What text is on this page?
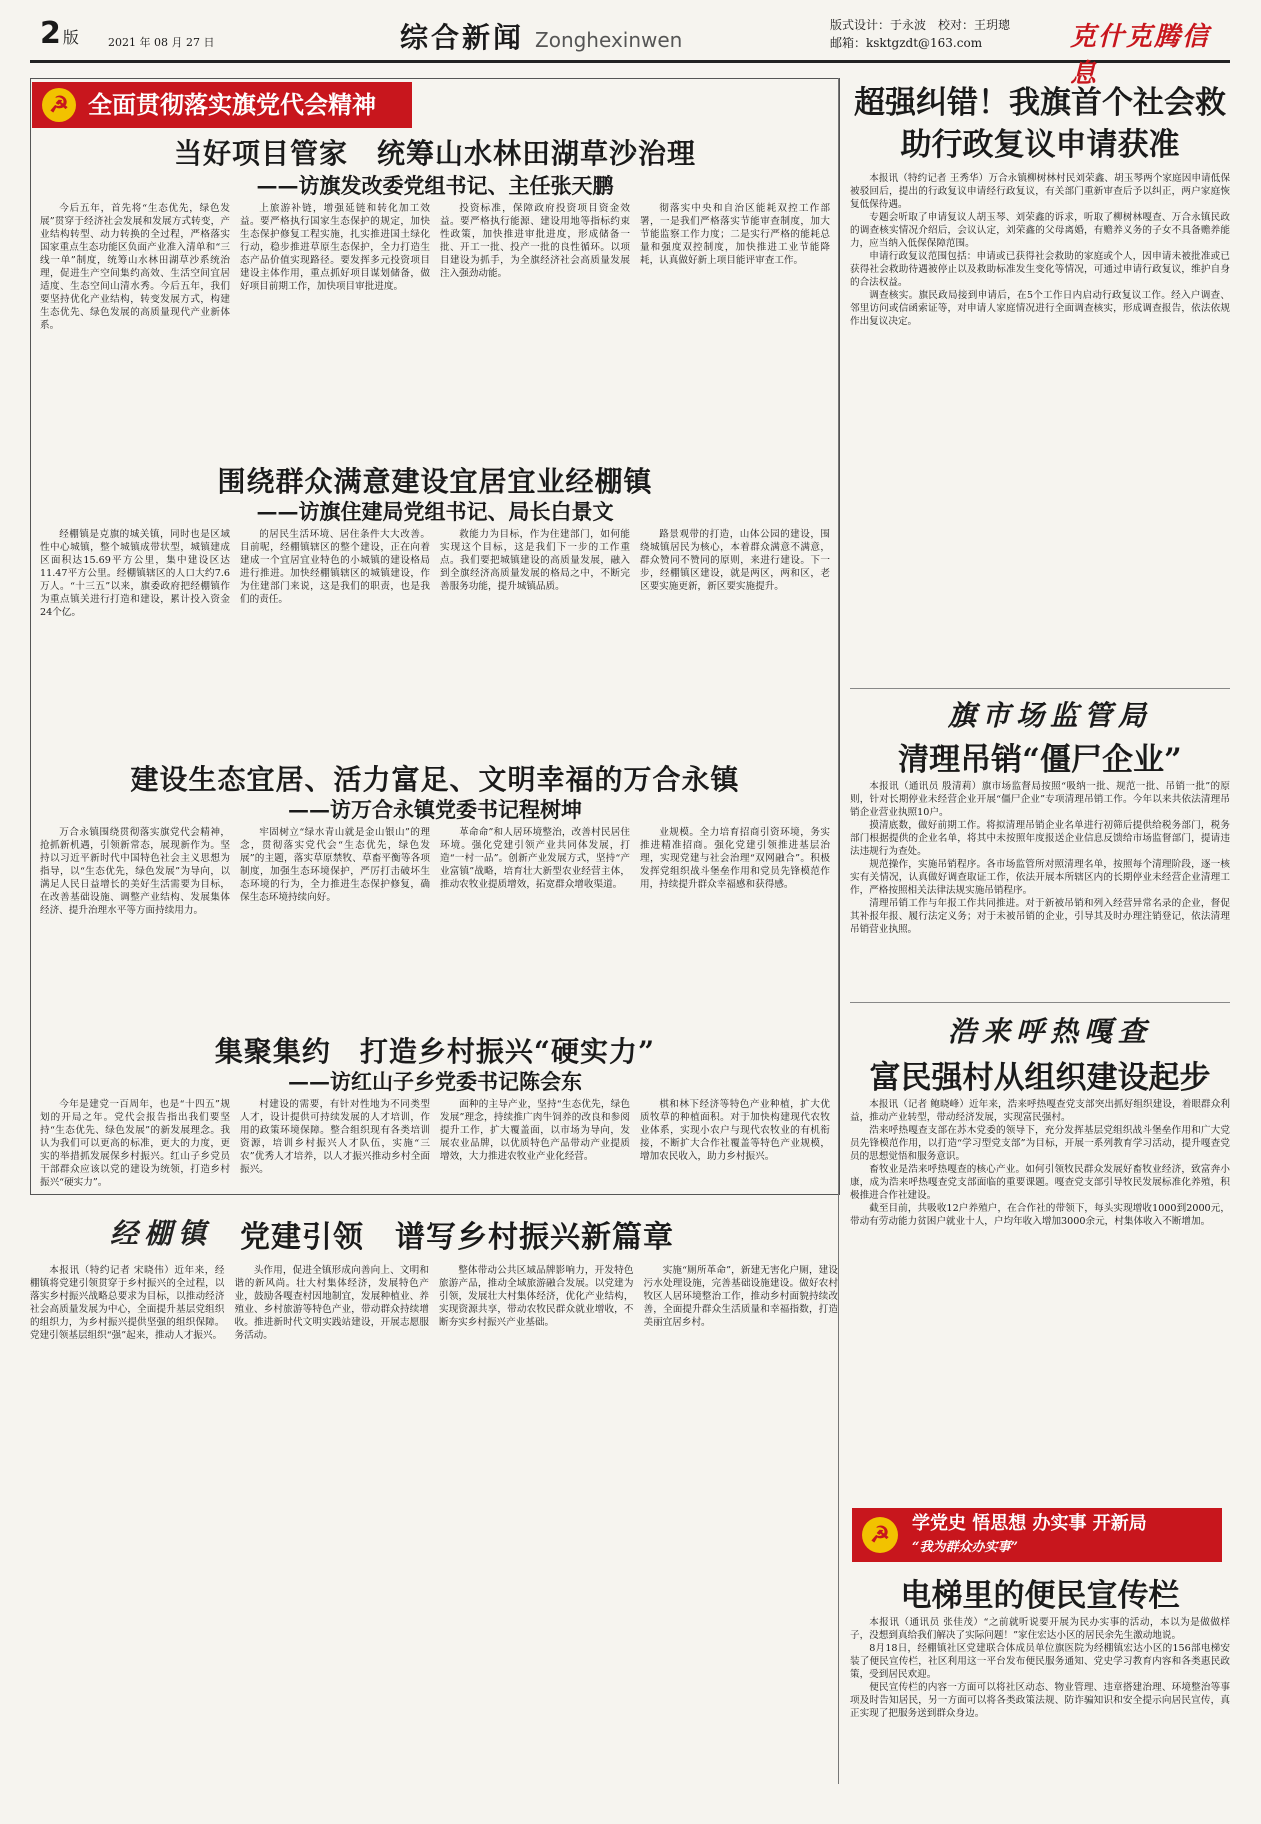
2 版	2021 年 08 月 27 日	综合新闻 Zonghexinwen
版式设计：于永波　校对：王玥璁
邮箱：ksktgzdt@163.com	克什克腾信息
☭ 全面贯彻落实旗党代会精神
当好项目管家　统筹山水林田湖草沙治理
——访旗发改委党组书记、主任张天鹏

今后五年，首先将“生态优先，绿色发展”贯穿于经济社会发展和发展方式转变，产业结构转型、动力转换的全过程，严格落实国家重点生态功能区负面产业准入清单和“三线一单”制度，统筹山水林田湖草沙系统治理，促进生产空间集约高效、生活空间宜居适度、生态空间山清水秀。今后五年，我们要坚持优化产业结构，转变发展方式，构建生态优先、绿色发展的高质量现代产业新体系。

上旅游补链，增强延链和转化加工效益。要严格执行国家生态保护的规定，加快生态保护修复工程实施，扎实推进国土绿化行动，稳步推进草原生态保护，全力打造生态产品价值实现路径。要发挥多元投资项目建设主体作用，重点抓好项目谋划储备，做好项目前期工作，加快项目审批进度。

投资标准，保障政府投资项目资金效益。要严格执行能源、建设用地等指标约束性政策，加快推进审批进度，形成储备一批、开工一批、投产一批的良性循环。以项目建设为抓手，为全旗经济社会高质量发展注入强劲动能。

彻落实中央和自治区能耗双控工作部署，一是我们严格落实节能审查制度，加大节能监察工作力度；二是实行严格的能耗总量和强度双控制度，加快推进工业节能降耗，认真做好新上项目能评审查工作。

围绕群众满意建设宜居宜业经棚镇
——访旗住建局党组书记、局长白景文

经棚镇是克旗的城关镇，同时也是区域性中心城镇，整个城镇成带状型，城镇建成区面积达15.69平方公里，集中建设区达11.47平方公里。经棚镇辖区的人口大约7.6万人。“十三五”以来，旗委政府把经棚镇作为重点镇关进行打造和建设，累计投入资金24个亿。

的居民生活环境、居住条件大大改善。目前呢，经棚镇辖区的整个建设，正在向着建成一个宜居宜业特色的小城镇的建设格局进行推进。加快经棚镇辖区的城镇建设，作为住建部门来说，这是我们的职责，也是我们的责任。

救能力为目标，作为住建部门，如何能实现这个目标，这是我们下一步的工作重点。我们要把城镇建设的高质量发展，融入到全旗经济高质量发展的格局之中，不断完善服务功能，提升城镇品质。

路景观带的打造，山体公园的建设，围绕城镇居民为核心，本着群众满意不满意，群众赞同不赞同的原则，来进行建设。下一步，经棚镇区建设，就是两区，两和区，老区要实施更新，新区要实施提升。

建设生态宜居、活力富足、文明幸福的万合永镇
——访万合永镇党委书记程树坤

万合永镇围绕贯彻落实旗党代会精神，抢抓新机遇，引领新常态，展现新作为。坚持以习近平新时代中国特色社会主义思想为指导，以“生态优先，绿色发展”为导向，以满足人民日益增长的美好生活需要为目标，在改善基础设施、调整产业结构、发展集体经济、提升治理水平等方面持续用力。

牢固树立“绿水青山就是金山银山”的理念，贯彻落实党代会“生态优先，绿色发展”的主题，落实草原禁牧、草畜平衡等各项制度，加强生态环境保护，严厉打击破坏生态环境的行为，全力推进生态保护修复，确保生态环境持续向好。

革命命”和人居环境整治，改善村民居住环境。强化党建引领产业共同体发展，打造“一村一品”。创新产业发展方式，坚持“产业富镇”战略，培育壮大新型农业经营主体，推动农牧业提质增效，拓宽群众增收渠道。

业规模。全力培育招商引资环境，务实推进精准招商。强化党建引领推进基层治理，实现党建与社会治理“双网融合”。积极发挥党组织战斗堡垒作用和党员先锋模范作用，持续提升群众幸福感和获得感。

集聚集约　打造乡村振兴“硬实力”
——访红山子乡党委书记陈会东

今年是建党一百周年，也是“十四五”规划的开局之年。党代会报告指出我们要坚持“生态优先、绿色发展”的新发展理念。我认为我们可以更高的标准，更大的力度，更实的举措抓发展保乡村振兴。红山子乡党员干部群众应该以党的建设为统领，打造乡村振兴“硬实力”。

村建设的需要，有针对性地为不同类型人才，设计提供可持续发展的人才培训，作用的政策环境保障。整合组织现有各类培训资源，培训乡村振兴人才队伍，实施“三农”优秀人才培养，以人才振兴推动乡村全面振兴。

面种的主导产业，坚持“生态优先，绿色发展”理念，持续推广肉牛饲养的改良和参阅提升工作，扩大覆盖面，以市场为导向，发展农业品牌，以优质特色产品带动产业提质增效，大力推进农牧业产业化经营。

棋和林下经济等特色产业种植，扩大优质牧草的种植面积。对于加快构建现代农牧业体系，实现小农户与现代农牧业的有机衔接，不断扩大合作社覆盖等特色产业规模，增加农民收入，助力乡村振兴。

经棚镇 党建引领　谱写乡村振兴新篇章

本报讯（特约记者 宋晓伟）近年来，经棚镇将党建引领贯穿于乡村振兴的全过程，以落实乡村振兴战略总要求为目标，以推动经济社会高质量发展为中心，全面提升基层党组织的组织力，为乡村振兴提供坚强的组织保障。党建引领基层组织“强”起来，推动人才振兴。

头作用，促进全镇形成向善向上、文明和谐的新风尚。壮大村集体经济，发展特色产业，鼓励各嘎查村因地制宜，发展种植业、养殖业、乡村旅游等特色产业，带动群众持续增收。推进新时代文明实践站建设，开展志愿服务活动。

整体带动公共区域品牌影响力，开发特色旅游产品，推动全域旅游融合发展。以党建为引领，发展壮大村集体经济，优化产业结构，实现资源共享，带动农牧民群众就业增收，不断夯实乡村振兴产业基础。

实施“厕所革命”，新建无害化户厕，建设污水处理设施，完善基础设施建设。做好农村牧区人居环境整治工作，推动乡村面貌持续改善，全面提升群众生活质量和幸福指数，打造美丽宜居乡村。

超强纠错！我旗首个社会救助行政复议申请获准

本报讯（特约记者 王秀华）万合永镇柳树林村民刘荣鑫、胡玉琴两个家庭因申请低保被驳回后，提出的行政复议申请经行政复议，有关部门重新审查后予以纠正，两户家庭恢复低保待遇。

专题会听取了申请复议人胡玉琴、刘荣鑫的诉求，听取了柳树林嘎查、万合永镇民政的调查核实情况介绍后，会议认定，刘荣鑫的父母离婚，有赡养义务的子女不具备赡养能力，应当纳入低保保障范围。

申请行政复议范围包括：申请或已获得社会救助的家庭或个人，因申请未被批准或已获得社会救助待遇被停止以及救助标准发生变化等情况，可通过申请行政复议，维护自身的合法权益。

调查核实。旗民政局接到申请后，在5个工作日内启动行政复议工作。经入户调查、邻里访问或信函索证等，对申请人家庭情况进行全面调查核实，形成调查报告，依法依规作出复议决定。

旗市场监管局
清理吊销“僵尸企业”

本报讯（通讯员 殷清莉）旗市场监督局按照“吸纳一批、规范一批、吊销一批”的原则，针对长期停业未经营企业开展“僵尸企业”专项清理吊销工作。今年以来共依法清理吊销企业营业执照10户。

摸清底数，做好前期工作。将拟清理吊销企业名单进行初筛后提供给税务部门，税务部门根据提供的企业名单，将其中未按照年度报送企业信息反馈给市场监督部门，提请违法违规行为查处。

规范操作，实施吊销程序。各市场监管所对照清理名单，按照每个清理阶段，逐一核实有关情况，认真做好调查取证工作，依法开展本所辖区内的长期停业未经营企业清理工作，严格按照相关法律法规实施吊销程序。

清理吊销工作与年报工作共同推进。对于新被吊销和列入经营异常名录的企业，督促其补报年报、履行法定义务；对于未被吊销的企业，引导其及时办理注销登记，依法清理吊销营业执照。

浩来呼热嘎查
富民强村从组织建设起步

本报讯（记者 鲍晓峰）近年来，浩来呼热嘎查党支部突出抓好组织建设，着眼群众利益，推动产业转型，带动经济发展，实现富民强村。

浩来呼热嘎查支部在苏木党委的领导下，充分发挥基层党组织战斗堡垒作用和广大党员先锋模范作用，以打造“学习型党支部”为目标，开展一系列教育学习活动，提升嘎查党员的思想觉悟和服务意识。

畜牧业是浩来呼热嘎查的核心产业。如何引领牧民群众发展好畜牧业经济，致富奔小康，成为浩来呼热嘎查党支部面临的重要课题。嘎查党支部引导牧民发展标准化养殖，积极推进合作社建设。

截至目前，共吸收12户养殖户，在合作社的带领下，每头实现增收1000到2000元，带动有劳动能力贫困户就业十人，户均年收入增加3000余元，村集体收入不断增加。

☭	学党史 悟思想 办实事 开新局
“我为群众办实事”
电梯里的便民宣传栏

本报讯（通讯员 张佳茂）“之前就听说要开展为民办实事的活动，本以为是做做样子，没想到真给我们解决了实际问题！”家住宏达小区的居民余先生激动地说。

8月18日，经棚镇社区党建联合体成员单位旗医院为经棚镇宏达小区的156部电梯安装了便民宣传栏，社区利用这一平台发布便民服务通知、党史学习教育内容和各类惠民政策，受到居民欢迎。

便民宣传栏的内容一方面可以将社区动态、物业管理、违章搭建治理、环境整治等事项及时告知居民，另一方面可以将各类政策法规、防诈骗知识和安全提示向居民宣传，真正实现了把服务送到群众身边。
